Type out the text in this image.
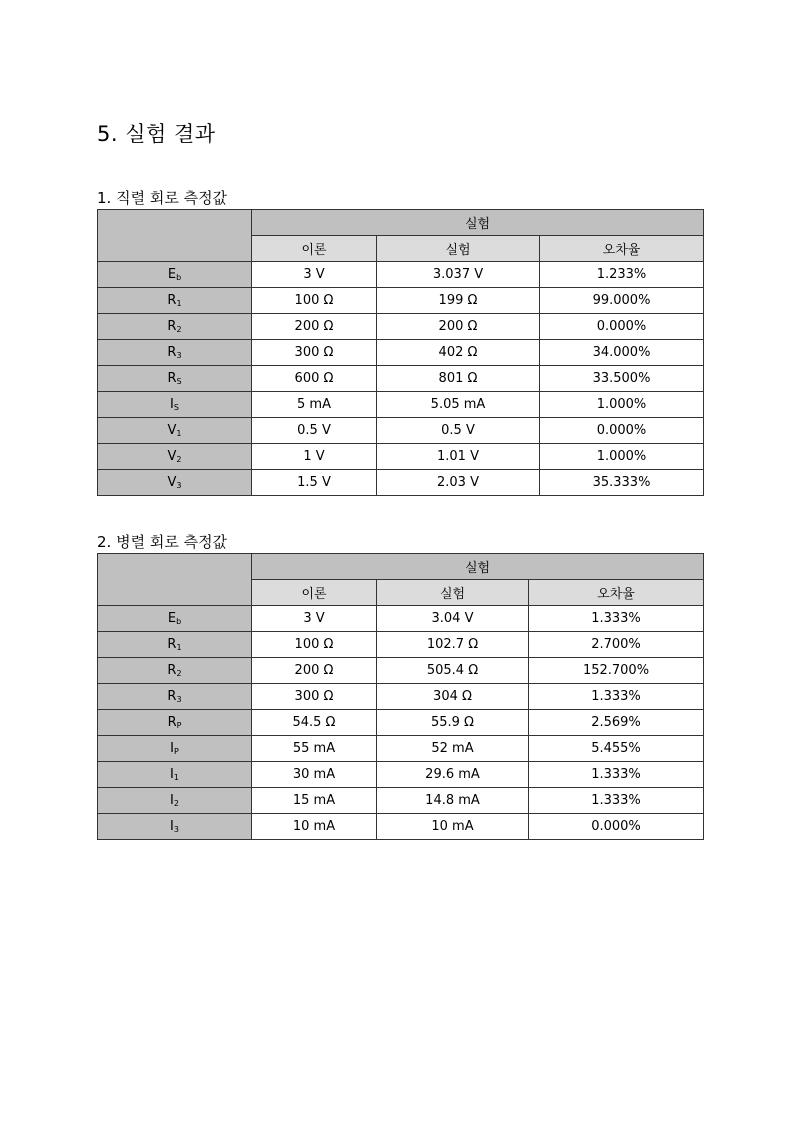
5. 실험 결과
1. 직렬 회로 측정값
	실험		
	이론	실험	오차율
$E_b$	3 V	3.037 V	1.233%
$R_1$	100 Ω	199 Ω	99.000%
$R_2$	200 Ω	200 Ω	0.000%
$R_3$	300 Ω	402 Ω	34.000%
$R_S$	600 Ω	801 Ω	33.500%
$I_S$	5 mA	5.05 mA	1.000%
$V_1$	0.5 V	0.5 V	0.000%
$V_2$	1 V	1.01 V	1.000%
$V_3$	1.5 V	2.03 V	35.333%
2. 병렬 회로 측정값
	실험		
	이론	실험	오차율
$E_b$	3 V	3.04 V	1.333%
$R_1$	100 Ω	102.7 Ω	2.700%
$R_2$	200 Ω	505.4 Ω	152.700%
$R_3$	300 Ω	304 Ω	1.333%
$R_P$	54.5 Ω	55.9 Ω	2.569%
$I_P$	55 mA	52 mA	5.455%
$I_1$	30 mA	29.6 mA	1.333%
$I_2$	15 mA	14.8 mA	1.333%
$I_3$	10 mA	10 mA	0.000%
